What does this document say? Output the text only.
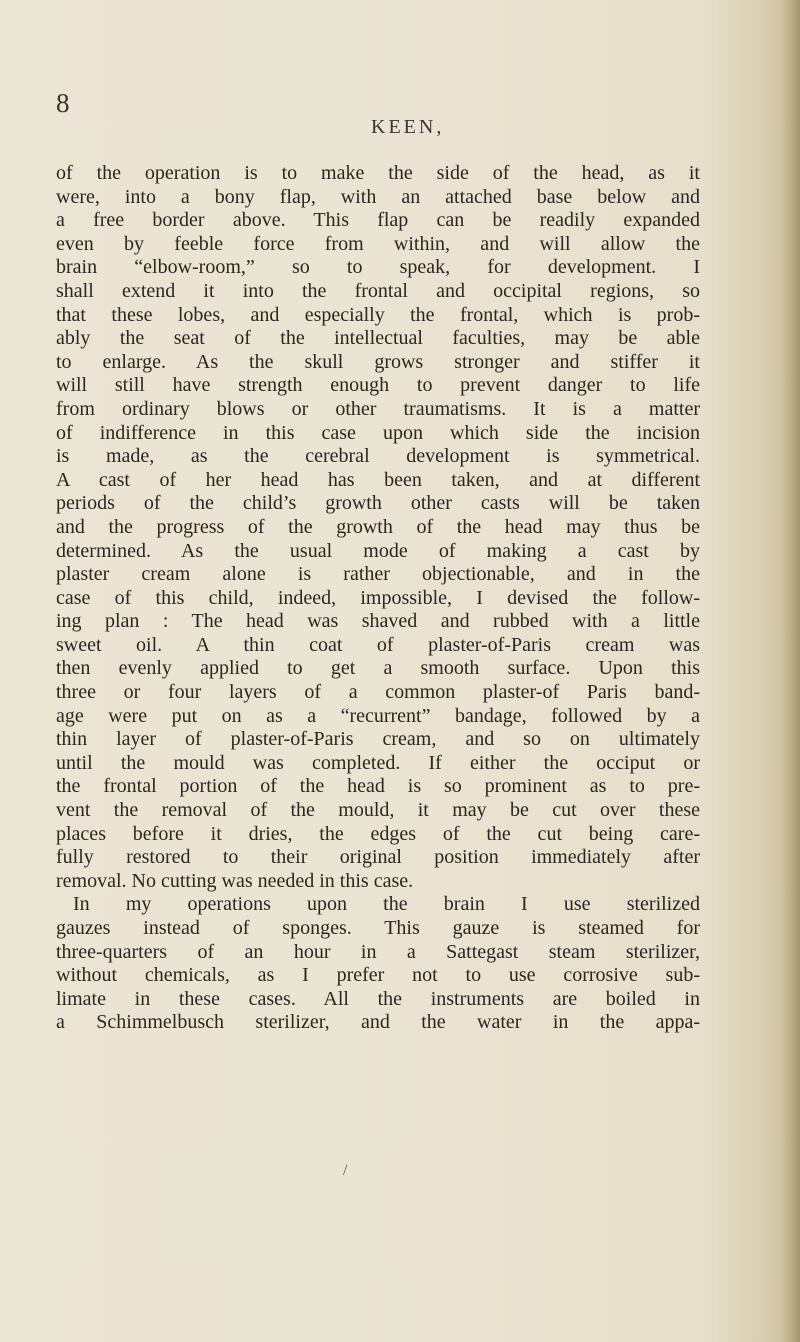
8
KEEN,
of the operation is to make the side of the head, as it
were, into a bony flap, with an attached base below and
a free border above. This flap can be readily expanded
even by feeble force from within, and will allow the
brain “elbow-room,” so to speak, for development. I
shall extend it into the frontal and occipital regions, so
that these lobes, and especially the frontal, which is prob-
ably the seat of the intellectual faculties, may be able
to enlarge. As the skull grows stronger and stiffer it
will still have strength enough to prevent danger to life
from ordinary blows or other traumatisms. It is a matter
of indifference in this case upon which side the incision
is made, as the cerebral development is symmetrical.
A cast of her head has been taken, and at different
periods of the child’s growth other casts will be taken
and the progress of the growth of the head may thus be
determined. As the usual mode of making a cast by
plaster cream alone is rather objectionable, and in the
case of this child, indeed, impossible, I devised the follow-
ing plan : The head was shaved and rubbed with a little
sweet oil. A thin coat of plaster-of-Paris cream was
then evenly applied to get a smooth surface. Upon this
three or four layers of a common plaster-of Paris band-
age were put on as a “recurrent” bandage, followed by a
thin layer of plaster-of-Paris cream, and so on ultimately
until the mould was completed. If either the occiput or
the frontal portion of the head is so prominent as to pre-
vent the removal of the mould, it may be cut over these
places before it dries, the edges of the cut being care-
fully restored to their original position immediately after
removal. No cutting was needed in this case.
In my operations upon the brain I use sterilized
gauzes instead of sponges. This gauze is steamed for
three-quarters of an hour in a Sattegast steam sterilizer,
without chemicals, as I prefer not to use corrosive sub-
limate in these cases. All the instruments are boiled in
a Schimmelbusch sterilizer, and the water in the appa-
/
